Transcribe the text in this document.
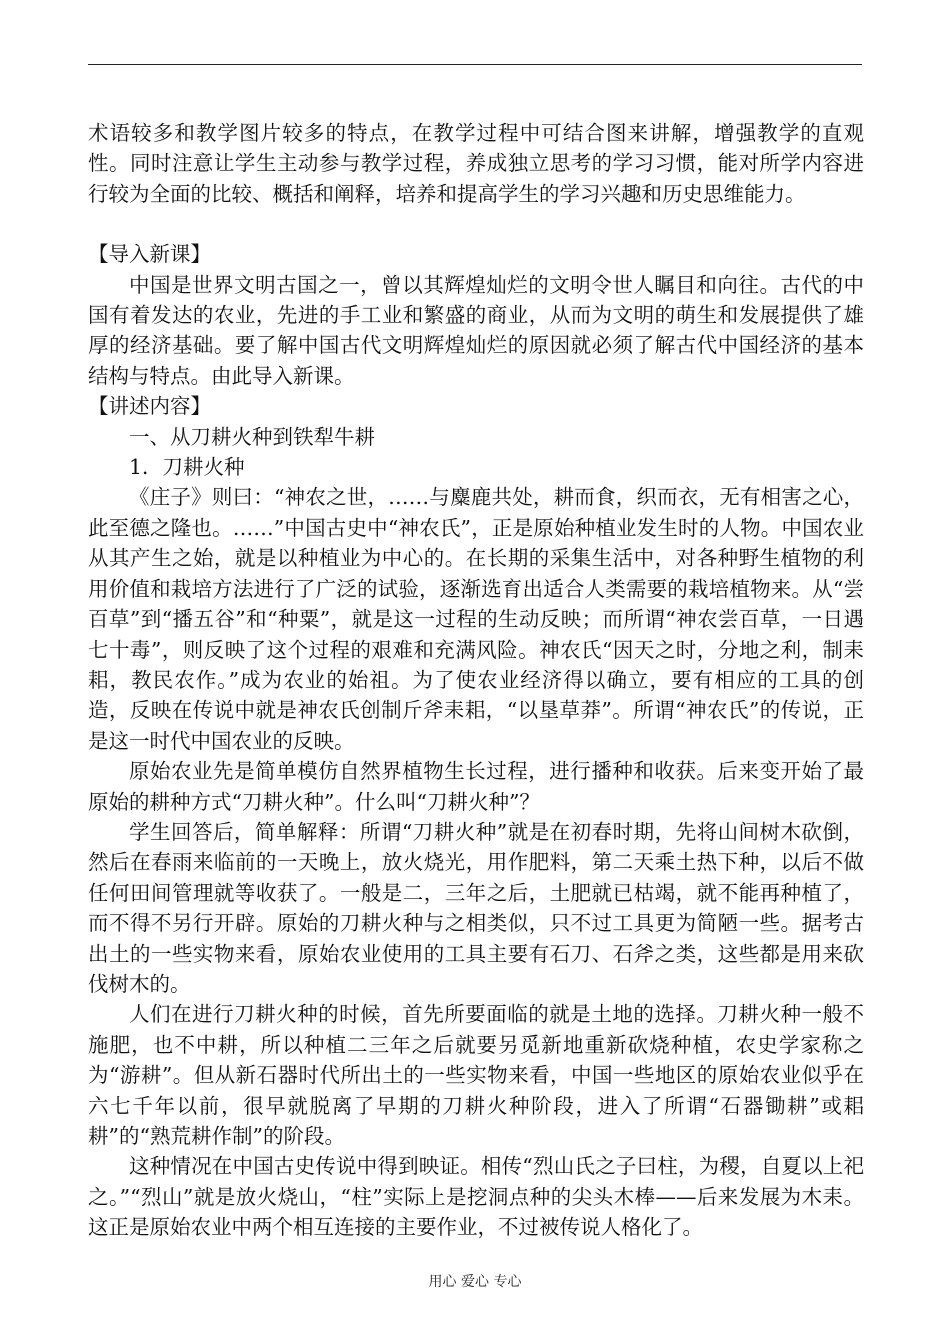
术语较多和教学图片较多的特点，在教学过程中可结合图来讲解，增强教学的直观性。同时注意让学生主动参与教学过程，养成独立思考的学习习惯，能对所学内容进行较为全面的比较、概括和阐释，培养和提高学生的学习兴趣和历史思维能力。

【导入新课】

中国是世界文明古国之一，曾以其辉煌灿烂的文明令世人瞩目和向往。古代的中国有着发达的农业，先进的手工业和繁盛的商业，从而为文明的萌生和发展提供了雄厚的经济基础。要了解中国古代文明辉煌灿烂的原因就必须了解古代中国经济的基本结构与特点。由此导入新课。

【讲述内容】

一、从刀耕火种到铁犁牛耕

1．刀耕火种

《庄子》则曰：“神农之世，……与麋鹿共处，耕而食，织而衣，无有相害之心，此至德之隆也。……”中国古史中“神农氏”，正是原始种植业发生时的人物。中国农业从其产生之始，就是以种植业为中心的。在长期的采集生活中，对各种野生植物的利用价值和栽培方法进行了广泛的试验，逐渐选育出适合人类需要的栽培植物来。从“尝百草”到“播五谷”和“种粟”，就是这一过程的生动反映；而所谓“神农尝百草，一日遇七十毒”，则反映了这个过程的艰难和充满风险。神农氏“因天之时，分地之利，制耒耜，教民农作。”成为农业的始祖。为了使农业经济得以确立，要有相应的工具的创造，反映在传说中就是神农氏创制斤斧耒耜，“以垦草莽”。所谓“神农氏”的传说，正是这一时代中国农业的反映。

原始农业先是简单模仿自然界植物生长过程，进行播种和收获。后来变开始了最原始的耕种方式“刀耕火种”。什么叫“刀耕火种”？

学生回答后，简单解释：所谓“刀耕火种”就是在初春时期，先将山间树木砍倒，然后在春雨来临前的一天晚上，放火烧光，用作肥料，第二天乘土热下种，以后不做任何田间管理就等收获了。一般是二，三年之后，土肥就已枯竭，就不能再种植了，而不得不另行开辟。原始的刀耕火种与之相类似，只不过工具更为简陋一些。据考古出土的一些实物来看，原始农业使用的工具主要有石刀、石斧之类，这些都是用来砍伐树木的。

人们在进行刀耕火种的时候，首先所要面临的就是土地的选择。刀耕火种一般不施肥，也不中耕，所以种植二三年之后就要另觅新地重新砍烧种植，农史学家称之为“游耕”。但从新石器时代所出土的一些实物来看，中国一些地区的原始农业似乎在六七千年以前，很早就脱离了早期的刀耕火种阶段，进入了所谓“石器锄耕”或耜耕”的“熟荒耕作制”的阶段。

这种情况在中国古史传说中得到映证。相传“烈山氏之子曰柱，为稷，自夏以上祀之。”“烈山”就是放火烧山，“柱”实际上是挖洞点种的尖头木棒——后来发展为木耒。这正是原始农业中两个相互连接的主要作业，不过被传说人格化了。

用心 爱心 专心
